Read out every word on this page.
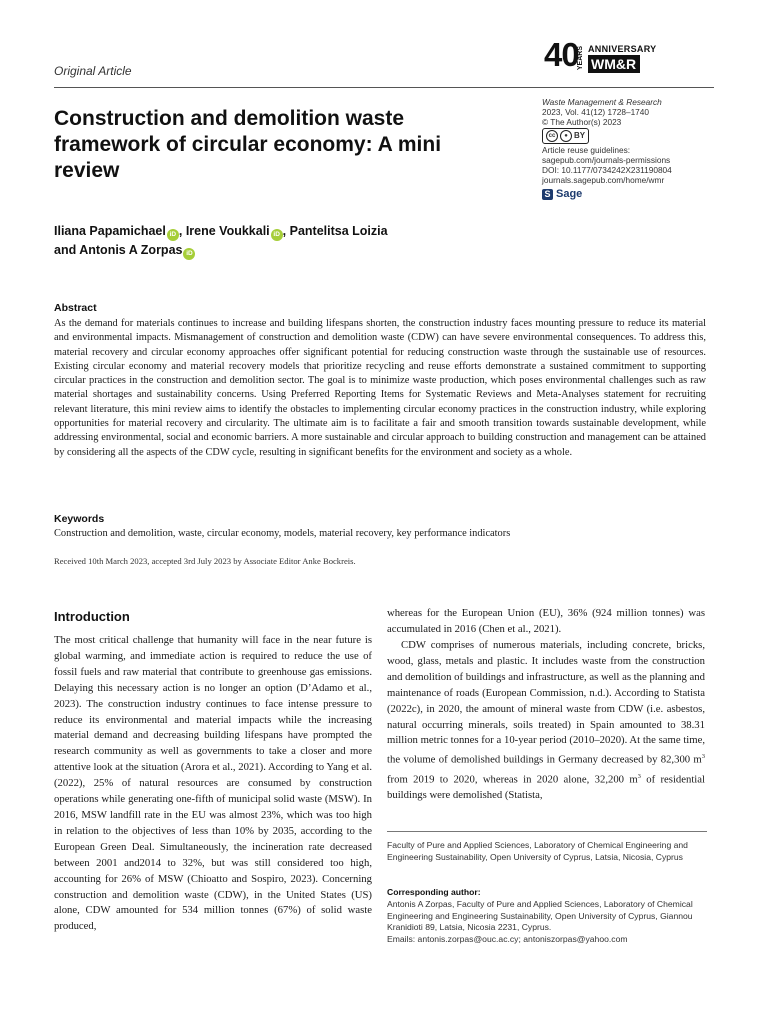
Original Article	40
YEARS ANNIVERSARY
WM&R
Construction and demolition waste framework of circular economy: A mini review
Waste Management & Research
2023, Vol. 41(12) 1728–1740
© The Author(s) 2023
cc	● BY
Article reuse guidelines:
sagepub.com/journals-permissions
DOI: 10.1177/0734242X231190804
journals.sagepub.com/home/wmr
S Sage
Iliana Papamichael iD , Irene Voukkali iD , Pantelitsa Loizia
and Antonis A Zorpas iD
Abstract

As the demand for materials continues to increase and building lifespans shorten, the construction industry faces mounting pressure to reduce its material and environmental impacts. Mismanagement of construction and demolition waste (CDW) can have severe environmental consequences. To address this, material recovery and circular economy approaches offer significant potential for reducing construction waste through the sustainable use of resources. Existing circular economy and material recovery models that prioritize recycling and reuse efforts demonstrate a sustained commitment to supporting circular practices in the construction and demolition sector. The goal is to minimize waste production, which poses environmental challenges such as raw material shortages and sustainability concerns. Using Preferred Reporting Items for Systematic Reviews and Meta-Analyses statement for recruiting relevant literature, this mini review aims to identify the obstacles to implementing circular economy practices in the construction industry, while exploring opportunities for material recovery and circularity. The ultimate aim is to facilitate a fair and smooth transition towards sustainable development, while addressing environmental, social and economic barriers. A more sustainable and circular approach to building construction and management can be attained by considering all the aspects of the CDW cycle, resulting in significant benefits for the environment and society as a whole.

Keywords
Construction and demolition, waste, circular economy, models, material recovery, key performance indicators
Received 10th March 2023, accepted 3rd July 2023 by Associate Editor Anke Bockreis.
Introduction

The most critical challenge that humanity will face in the near future is global warming, and immediate action is required to reduce the use of fossil fuels and raw material that contribute to greenhouse gas emissions. Delaying this necessary action is no longer an option (D’Adamo et al., 2023). The construction industry continues to face intense pressure to reduce its environmental and material impacts while the increasing material demand and decreasing building lifespans have prompted the research community as well as governments to take a closer and more attentive look at the situation (Arora et al., 2021). According to Yang et al. (2022), 25% of natural resources are consumed by construction operations while generating one-fifth of municipal solid waste (MSW). In 2016, MSW landfill rate in the EU was almost 23%, which was too high in relation to the objectives of less than 10% by 2035, according to the European Green Deal. Simultaneously, the incineration rate decreased between 2001 and2014 to 32%, but was still considered too high, accounting for 26% of MSW (Chioatto and Sospiro, 2023). Concerning construction and demolition waste (CDW), in the United States (US) alone, CDW amounted for 534 million tonnes (67%) of solid waste produced,

whereas for the European Union (EU), 36% (924 million tonnes) was accumulated in 2016 (Chen et al., 2021).

CDW comprises of numerous materials, including concrete, bricks, wood, glass, metals and plastic. It includes waste from the construction and demolition of buildings and infrastructure, as well as the planning and maintenance of roads (European Commission, n.d.). According to Statista (2022c), in 2020, the amount of mineral waste from CDW (i.e. asbestos, natural occurring minerals, soils treated) in Spain amounted to 38.31 million metric tonnes for a 10-year period (2010–2020). At the same time, the volume of demolished buildings in Germany decreased by 82,300 $m^3$ from 2019 to 2020, whereas in 2020 alone, 32,200 $m^3$ of residential buildings were demolished (Statista,

Faculty of Pure and Applied Sciences, Laboratory of Chemical Engineering and Engineering Sustainability, Open University of Cyprus, Latsia, Nicosia, Cyprus
Corresponding author:
Antonis A Zorpas, Faculty of Pure and Applied Sciences, Laboratory of Chemical Engineering and Engineering Sustainability, Open University of Cyprus, Giannou Kranidioti 89, Latsia, Nicosia 2231, Cyprus.
Emails: antonis.zorpas@ouc.ac.cy; antoniszorpas@yahoo.com
